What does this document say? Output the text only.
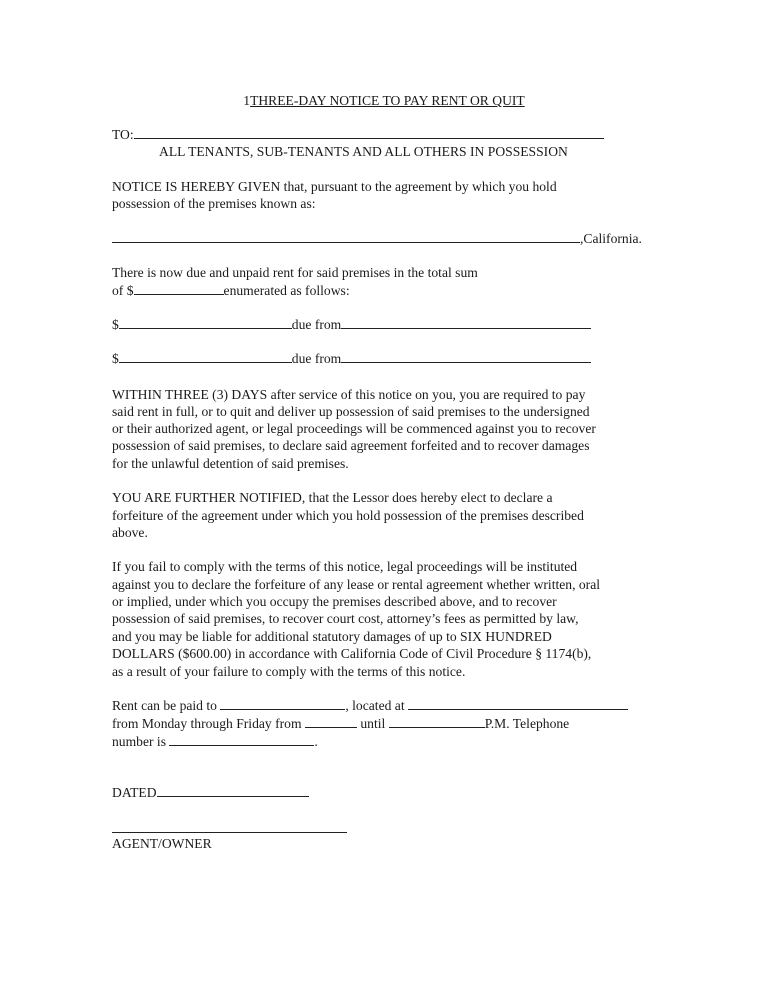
1THREE-DAY NOTICE TO PAY RENT OR QUIT
TO:
ALL TENANTS, SUB-TENANTS AND ALL OTHERS IN POSSESSION
NOTICE IS HEREBY GIVEN that, pursuant to the agreement by which you hold
possession of the premises known as:
,California.
There is now due and unpaid rent for said premises in the total sum
of $	enumerated as follows:
$	due from
$	due from
WITHIN THREE (3) DAYS after service of this notice on you, you are required to pay
said rent in full, or to quit and deliver up possession of said premises to the undersigned
or their authorized agent, or legal proceedings will be commenced against you to recover
possession of said premises, to declare said agreement forfeited and to recover damages
for the unlawful detention of said premises.
YOU ARE FURTHER NOTIFIED, that the Lessor does hereby elect to declare a
forfeiture of the agreement under which you hold possession of the premises described
above.
If you fail to comply with the terms of this notice, legal proceedings will be instituted
against you to declare the forfeiture of any lease or rental agreement whether written, oral
or implied, under which you occupy the premises described above, and to recover
possession of said premises, to recover court cost, attorney’s fees as permitted by law,
and you may be liable for additional statutory damages of up to SIX HUNDRED
DOLLARS ($600.00) in accordance with California Code of Civil Procedure § 1174(b),
as a result of your failure to comply with the terms of this notice.
Rent can be paid to	, located at
from Monday through Friday from	until	P.M. Telephone
number is	.
DATED
AGENT/OWNER
